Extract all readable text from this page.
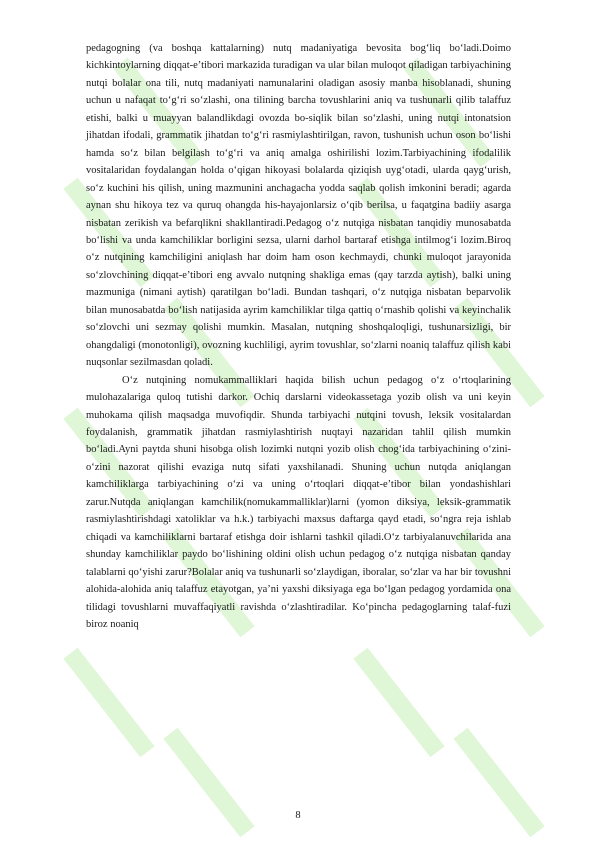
pedagogning (va boshqa kattalarning) nutq madaniyatiga bevosita bog‘liq bo‘ladi.Doimo kichkintoylarning diqqat-e’tibori markazida turadigan va ular bilan muloqot qiladigan tarbiyachining nutqi bolalar ona tili, nutq madaniyati namunalarini oladigan asosiy manba hisoblanadi, shuning uchun u nafaqat to‘g‘ri so‘zlashi, ona tilining barcha tovushlarini aniq va tushunarli qilib talaffuz etishi, balki u muayyan balandlikdagi ovozda bo-siqlik bilan so‘zlashi, uning nutqi intonatsion jihatdan ifodali, grammatik jihatdan to‘g‘ri rasmiylashtirilgan, ravon, tushunish uchun oson bo‘lishi hamda so‘z bilan belgilash to‘g‘ri va aniq amalga oshirilishi lozim.Tarbiyachining ifodalilik vositalaridan foydalangan holda o‘qigan hikoyasi bolalarda qiziqish uyg‘otadi, ularda qayg‘urish, so‘z kuchini his qilish, uning mazmunini anchagacha yodda saqlab qolish imkonini beradi; agarda aynan shu hikoya tez va quruq ohangda his-hayajonlarsiz o‘qib berilsa, u faqatgina badiiy asarga nisbatan zerikish va befarqlikni shakllantiradi.Pedagog o‘z nutqiga nisbatan tanqidiy munosabatda bo‘lishi va unda kamchiliklar borligini sezsa, ularni darhol bartaraf etishga intilmog‘i lozim.Biroq o‘z nutqining kamchiligini aniqlash har doim ham oson kechmaydi, chunki muloqot jarayonida so‘zlovchining diqqat-e’tibori eng avvalo nutqning shakliga emas (qay tarzda aytish), balki uning mazmuniga (nimani aytish) qaratilgan bo‘ladi. Bundan tashqari, o‘z nutqiga nisbatan beparvolik bilan munosabatda bo‘lish natijasida ayrim kamchiliklar tilga qattiq o‘rnashib qolishi va keyinchalik so‘zlovchi uni sezmay qolishi mumkin. Masalan, nutqning shoshqaloqligi, tushunarsizligi, bir ohangdaligi (monotonligi), ovozning kuchliligi, ayrim tovushlar, so‘zlarni noaniq talaffuz qilish kabi nuqsonlar sezilmasdan qoladi.

O‘z nutqining nomukammalliklari haqida bilish uchun pedagog o‘z o‘rtoqlarining mulohazalariga quloq tutishi darkor. Ochiq darslarni videokassetaga yozib olish va uni keyin muhokama qilish maqsadga muvofiqdir. Shunda tarbiyachi nutqini tovush, leksik vositalardan foydalanish, grammatik jihatdan rasmiylashtirish nuqtayi nazaridan tahlil qilish mumkin bo‘ladi.Ayni paytda shuni hisobga olish lozimki nutqni yozib olish chog‘ida tarbiyachining o‘zini-o‘zini nazorat qilishi evaziga nutq sifati yaxshilanadi. Shuning uchun nutqda aniqlangan kamchiliklarga tarbiyachining o‘zi va uning o‘rtoqlari diqqat-e’tibor bilan yondashishlari zarur.Nutqda aniqlangan kamchilik(nomukammalliklar)larni (yomon diksiya, leksik-grammatik rasmiylashtirishdagi xatoliklar va h.k.) tarbiyachi maxsus daftarga qayd etadi, so‘ngra reja ishlab chiqadi va kamchiliklarni bartaraf etishga doir ishlarni tashkil qiladi.O‘z tarbiyalanuvchilarida ana shunday kamchiliklar paydo bo‘lishining oldini olish uchun pedagog o‘z nutqiga nisbatan qanday talablarni qo‘yishi zarur?Bolalar aniq va tushunarli so‘zlaydigan, iboralar, so‘zlar va har bir tovushni alohida-alohida aniq talaffuz etayotgan, ya’ni yaxshi diksiyaga ega bo‘lgan pedagog yordamida ona tilidagi tovushlarni muvaffaqiyatli ravishda o‘zlashtiradilar. Ko‘pincha pedagoglarning talaf-fuzi biroz noaniq

8
